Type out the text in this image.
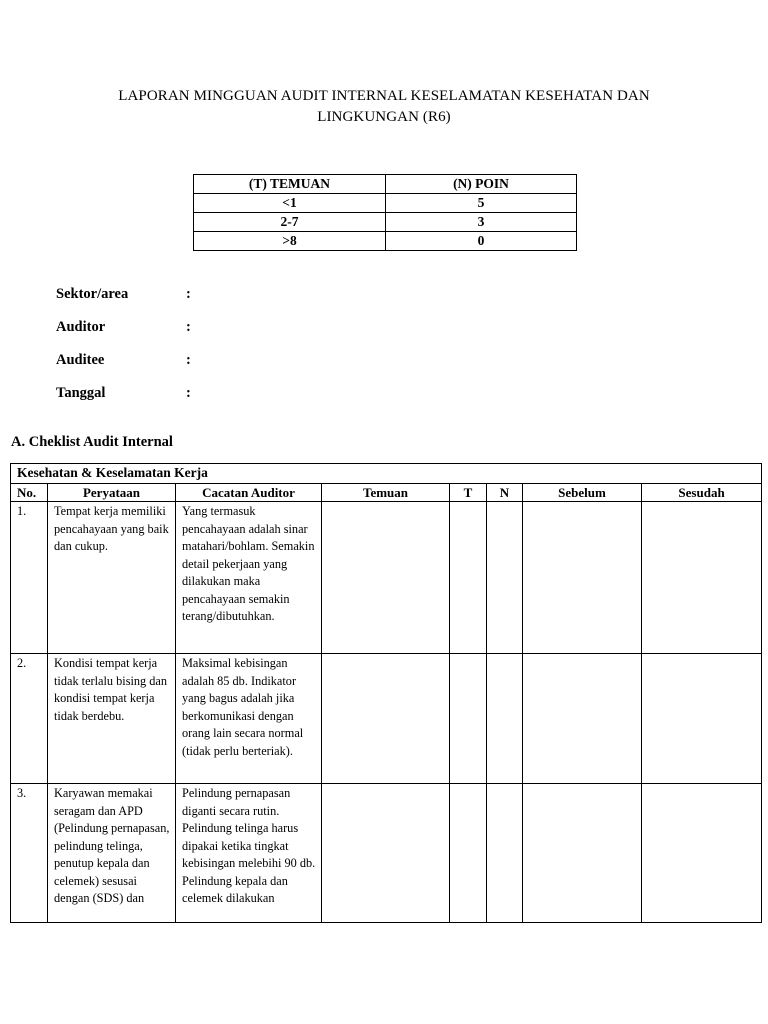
LAPORAN MINGGUAN AUDIT INTERNAL KESELAMATAN KESEHATAN DAN
LINGKUNGAN (R6)
(T) TEMUAN	(N) POIN
<1	5
2-7	3
>8	0
Sektor/area	:
Auditor	:
Auditee	:
Tanggal	:
A. Cheklist Audit Internal
Kesehatan & Keselamatan Kerja							
No.	Peryataan	Cacatan Auditor	Temuan	T	N	Sebelum	Sesudah
1.	Tempat kerja memiliki pencahayaan yang baik dan cukup.	Yang termasuk pencahayaan adalah sinar matahari/bohlam. Semakin detail pekerjaan yang dilakukan maka pencahayaan semakin terang/dibutuhkan.					
2.	Kondisi tempat kerja tidak terlalu bising dan kondisi tempat kerja tidak berdebu.	Maksimal kebisingan adalah 85 db. Indikator yang bagus adalah jika berkomunikasi dengan orang lain secara normal (tidak perlu berteriak).					
3.	Karyawan memakai seragam dan APD (Pelindung pernapasan, pelindung telinga, penutup kepala dan celemek) sesusai dengan (SDS) dan	Pelindung pernapasan diganti secara rutin. Pelindung telinga harus dipakai ketika tingkat kebisingan melebihi 90 db. Pelindung kepala dan celemek dilakukan					
